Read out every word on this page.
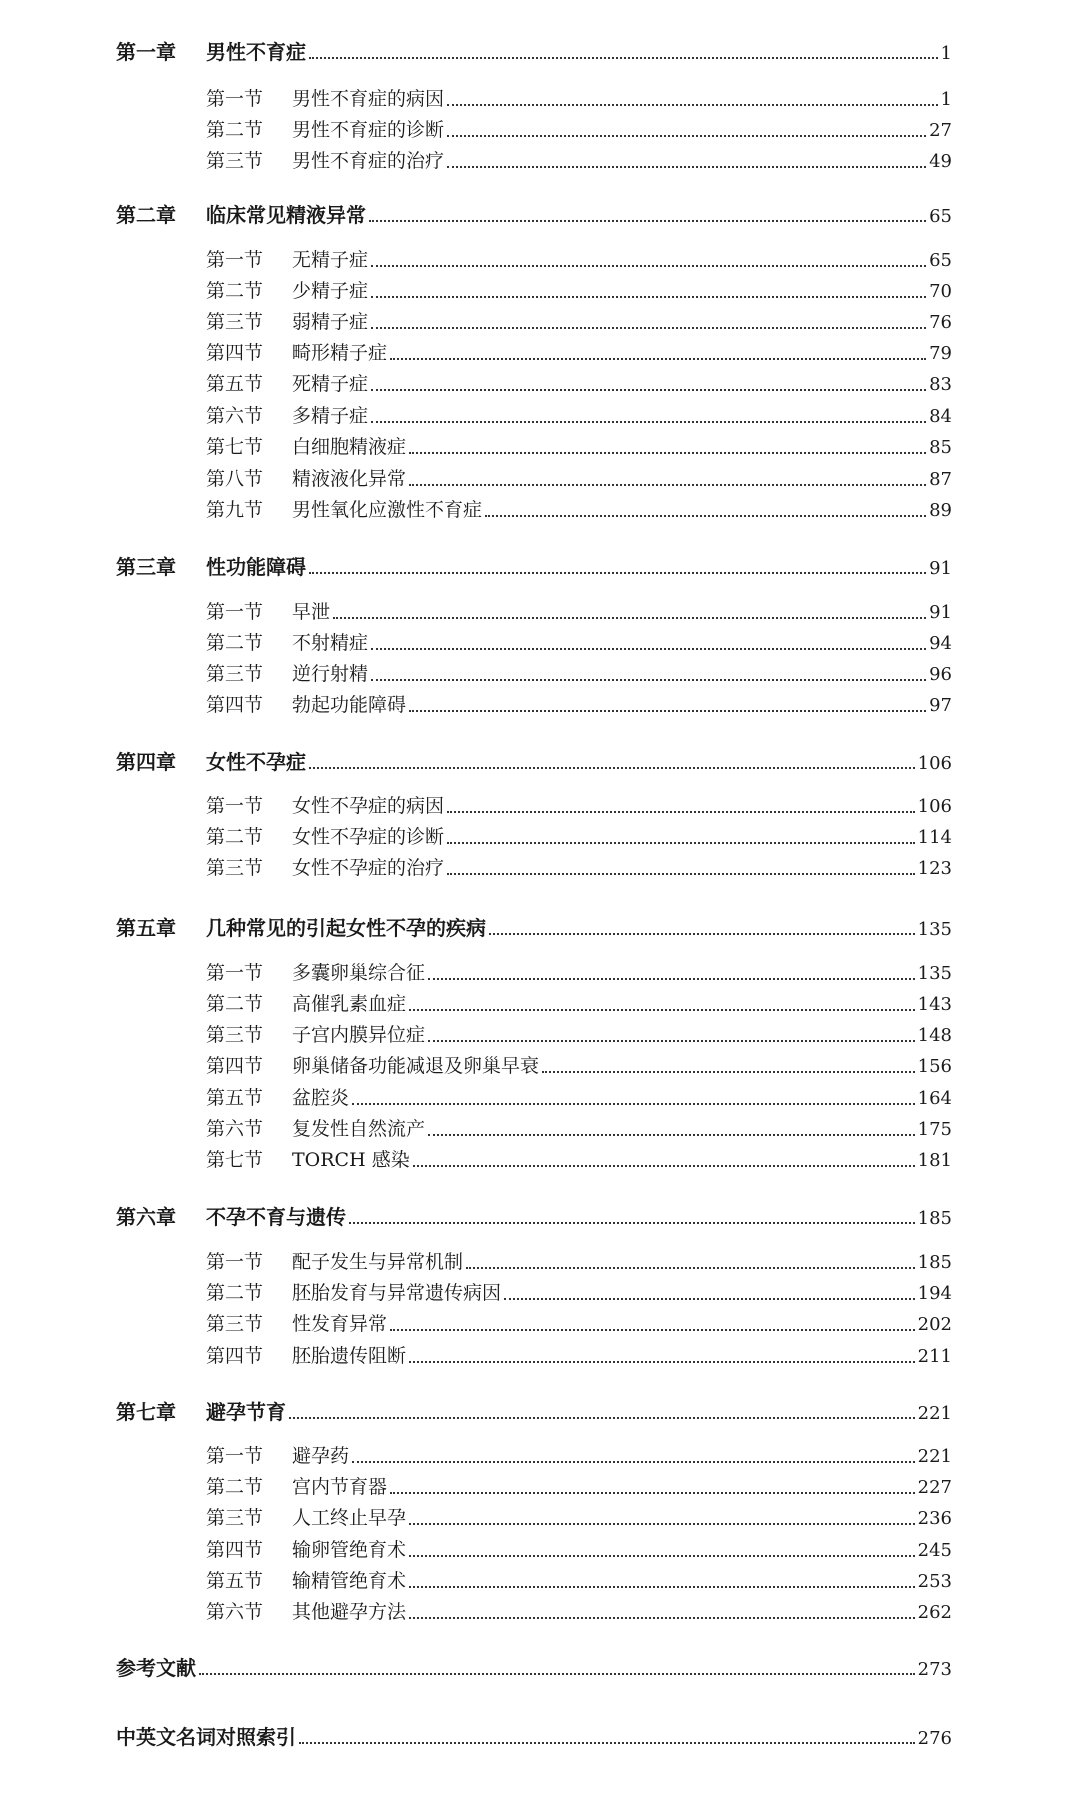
第一章	男性不育症	1
第一节	男性不育症的病因	1
第二节	男性不育症的诊断	27
第三节	男性不育症的治疗	49
第二章	临床常见精液异常	65
第一节	无精子症	65
第二节	少精子症	70
第三节	弱精子症	76
第四节	畸形精子症	79
第五节	死精子症	83
第六节	多精子症	84
第七节	白细胞精液症	85
第八节	精液液化异常	87
第九节	男性氧化应激性不育症	89
第三章	性功能障碍	91
第一节	早泄	91
第二节	不射精症	94
第三节	逆行射精	96
第四节	勃起功能障碍	97
第四章	女性不孕症	106
第一节	女性不孕症的病因	106
第二节	女性不孕症的诊断	114
第三节	女性不孕症的治疗	123
第五章	几种常见的引起女性不孕的疾病	135
第一节	多囊卵巢综合征	135
第二节	高催乳素血症	143
第三节	子宫内膜异位症	148
第四节	卵巢储备功能减退及卵巢早衰	156
第五节	盆腔炎	164
第六节	复发性自然流产	175
第七节	TORCH 感染	181
第六章	不孕不育与遗传	185
第一节	配子发生与异常机制	185
第二节	胚胎发育与异常遗传病因	194
第三节	性发育异常	202
第四节	胚胎遗传阻断	211
第七章	避孕节育	221
第一节	避孕药	221
第二节	宫内节育器	227
第三节	人工终止早孕	236
第四节	输卵管绝育术	245
第五节	输精管绝育术	253
第六节	其他避孕方法	262
参考文献	273
中英文名词对照索引	276
